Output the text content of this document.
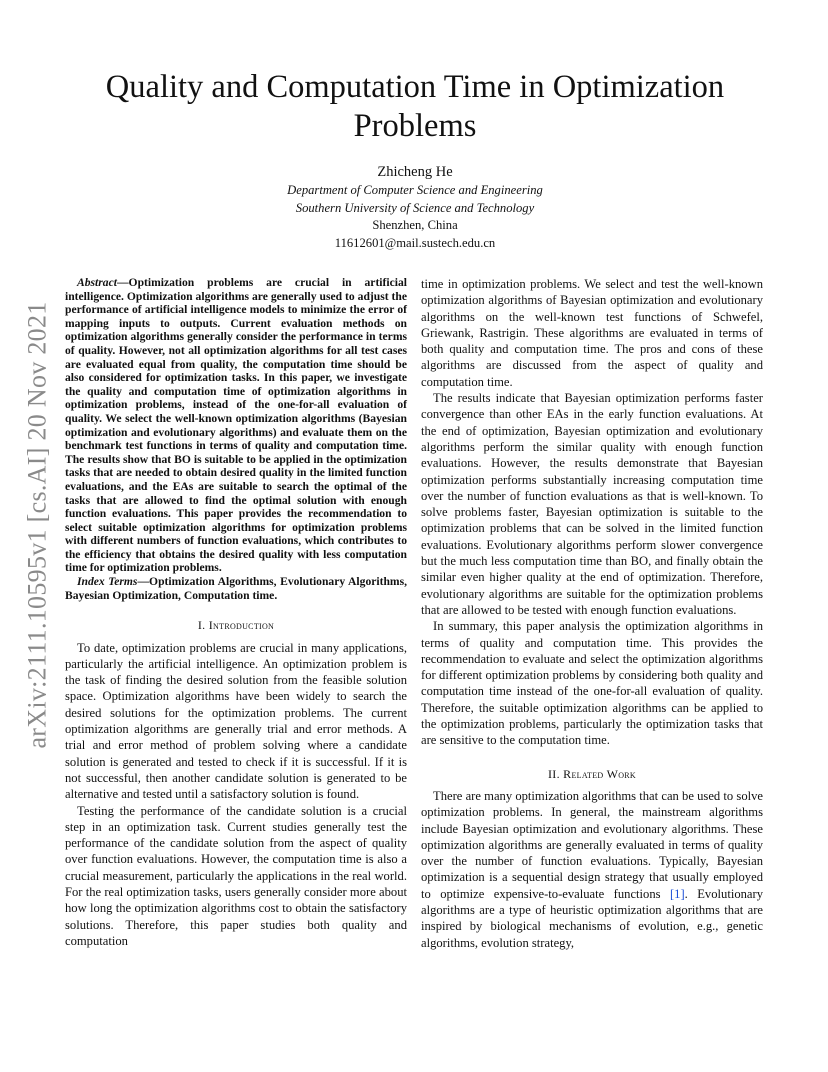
arXiv:2111.10595v1 [cs.AI] 20 Nov 2021
Quality and Computation Time in Optimization Problems
Zhicheng He
Department of Computer Science and Engineering
Southern University of Science and Technology
Shenzhen, China
11612601@mail.sustech.edu.cn

Abstract—Optimization problems are crucial in artificial intelligence. Optimization algorithms are generally used to adjust the performance of artificial intelligence models to minimize the error of mapping inputs to outputs. Current evaluation methods on optimization algorithms generally consider the performance in terms of quality. However, not all optimization algorithms for all test cases are evaluated equal from quality, the computation time should be also considered for optimization tasks. In this paper, we investigate the quality and computation time of optimization algorithms in optimization problems, instead of the one-for-all evaluation of quality. We select the well-known optimization algorithms (Bayesian optimization and evolutionary algorithms) and evaluate them on the benchmark test functions in terms of quality and computation time. The results show that BO is suitable to be applied in the optimization tasks that are needed to obtain desired quality in the limited function evaluations, and the EAs are suitable to search the optimal of the tasks that are allowed to find the optimal solution with enough function evaluations. This paper provides the recommendation to select suitable optimization algorithms for optimization problems with different numbers of function evaluations, which contributes to the efficiency that obtains the desired quality with less computation time for optimization problems.

Index Terms—Optimization Algorithms, Evolutionary Algorithms, Bayesian Optimization, Computation time.

I. Introduction

To date, optimization problems are crucial in many applications, particularly the artificial intelligence. An optimization problem is the task of finding the desired solution from the feasible solution space. Optimization algorithms have been widely to search the desired solutions for the optimization problems. The current optimization algorithms are generally trial and error methods. A trial and error method of problem solving where a candidate solution is generated and tested to check if it is successful. If it is not successful, then another candidate solution is generated to be alternative and tested until a satisfactory solution is found.

Testing the performance of the candidate solution is a crucial step in an optimization task. Current studies generally test the performance of the candidate solution from the aspect of quality over function evaluations. However, the computation time is also a crucial measurement, particularly the applications in the real world. For the real optimization tasks, users generally consider more about how long the optimization algorithms cost to obtain the satisfactory solutions. Therefore, this paper studies both quality and computation

time in optimization problems. We select and test the well-known optimization algorithms of Bayesian optimization and evolutionary algorithms on the well-known test functions of Schwefel, Griewank, Rastrigin. These algorithms are evaluated in terms of both quality and computation time. The pros and cons of these algorithms are discussed from the aspect of quality and computation time.

The results indicate that Bayesian optimization performs faster convergence than other EAs in the early function evaluations. At the end of optimization, Bayesian optimization and evolutionary algorithms perform the similar quality with enough function evaluations. However, the results demonstrate that Bayesian optimization performs substantially increasing computation time over the number of function evaluations as that is well-known. To solve problems faster, Bayesian optimization is suitable to the optimization problems that can be solved in the limited function evaluations. Evolutionary algorithms perform slower convergence but the much less computation time than BO, and finally obtain the similar even higher quality at the end of optimization. Therefore, evolutionary algorithms are suitable for the optimization problems that are allowed to be tested with enough function evaluations.

In summary, this paper analysis the optimization algorithms in terms of quality and computation time. This provides the recommendation to evaluate and select the optimization algorithms for different optimization problems by considering both quality and computation time instead of the one-for-all evaluation of quality. Therefore, the suitable optimization algorithms can be applied to the optimization problems, particularly the optimization tasks that are sensitive to the computation time.

II. Related Work

There are many optimization algorithms that can be used to solve optimization problems. In general, the mainstream algorithms include Bayesian optimization and evolutionary algorithms. These optimization algorithms are generally evaluated in terms of quality over the number of function evaluations. Typically, Bayesian optimization is a sequential design strategy that usually employed to optimize expensive-to-evaluate functions [1]. Evolutionary algorithms are a type of heuristic optimization algorithms that are inspired by biological mechanisms of evolution, e.g., genetic algorithms, evolution strategy,
